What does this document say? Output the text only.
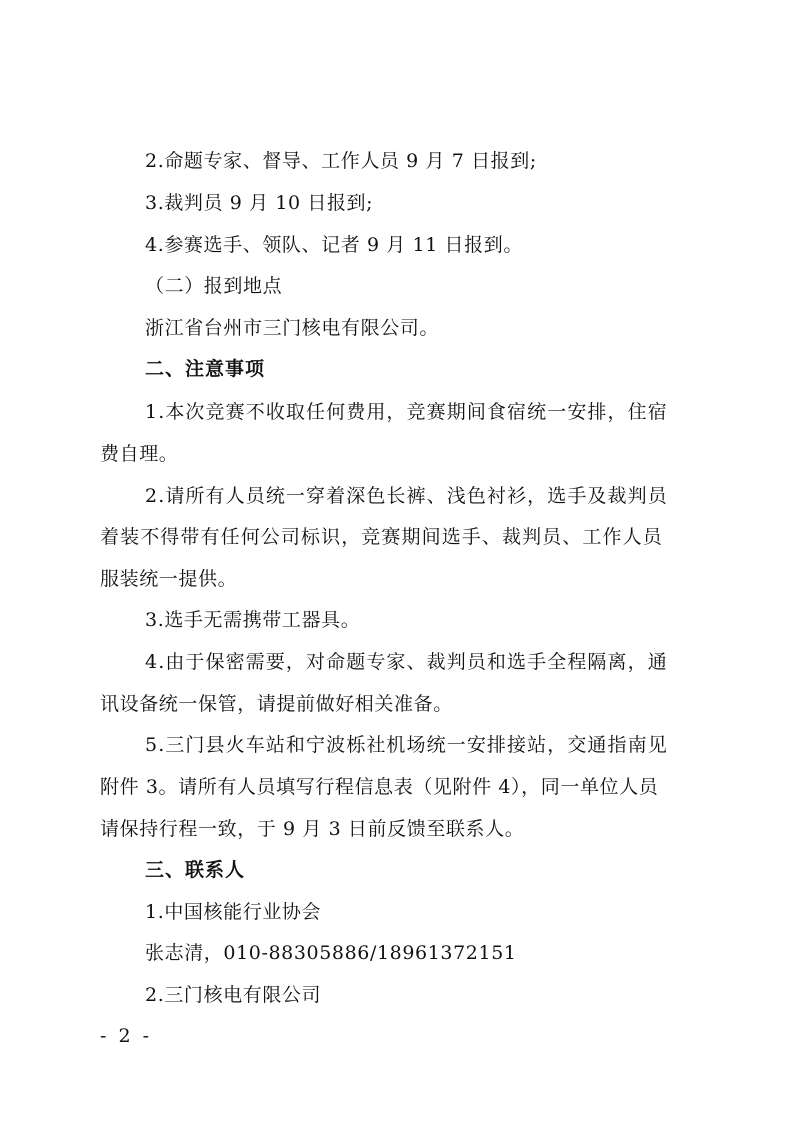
2.命题专家、督导、工作人员 9 月 7 日报到;
3.裁判员 9 月 10 日报到;
4.参赛选手、领队、记者 9 月 11 日报到。
（二）报到地点
浙江省台州市三门核电有限公司。
二、注意事项
1.本次竞赛不收取任何费用，竞赛期间食宿统一安排，住宿
费自理。
2.请所有人员统一穿着深色长裤、浅色衬衫，选手及裁判员
着装不得带有任何公司标识，竞赛期间选手、裁判员、工作人员
服装统一提供。
3.选手无需携带工器具。
4.由于保密需要，对命题专家、裁判员和选手全程隔离，通
讯设备统一保管，请提前做好相关准备。
5.三门县火车站和宁波栎社机场统一安排接站，交通指南见
附件 3。请所有人员填写行程信息表（见附件 4），同一单位人员
请保持行程一致，于 9 月 3 日前反馈至联系人。
三、联系人
1.中国核能行业协会
张志清，010-88305886/18961372151
2.三门核电有限公司
- 2 -
